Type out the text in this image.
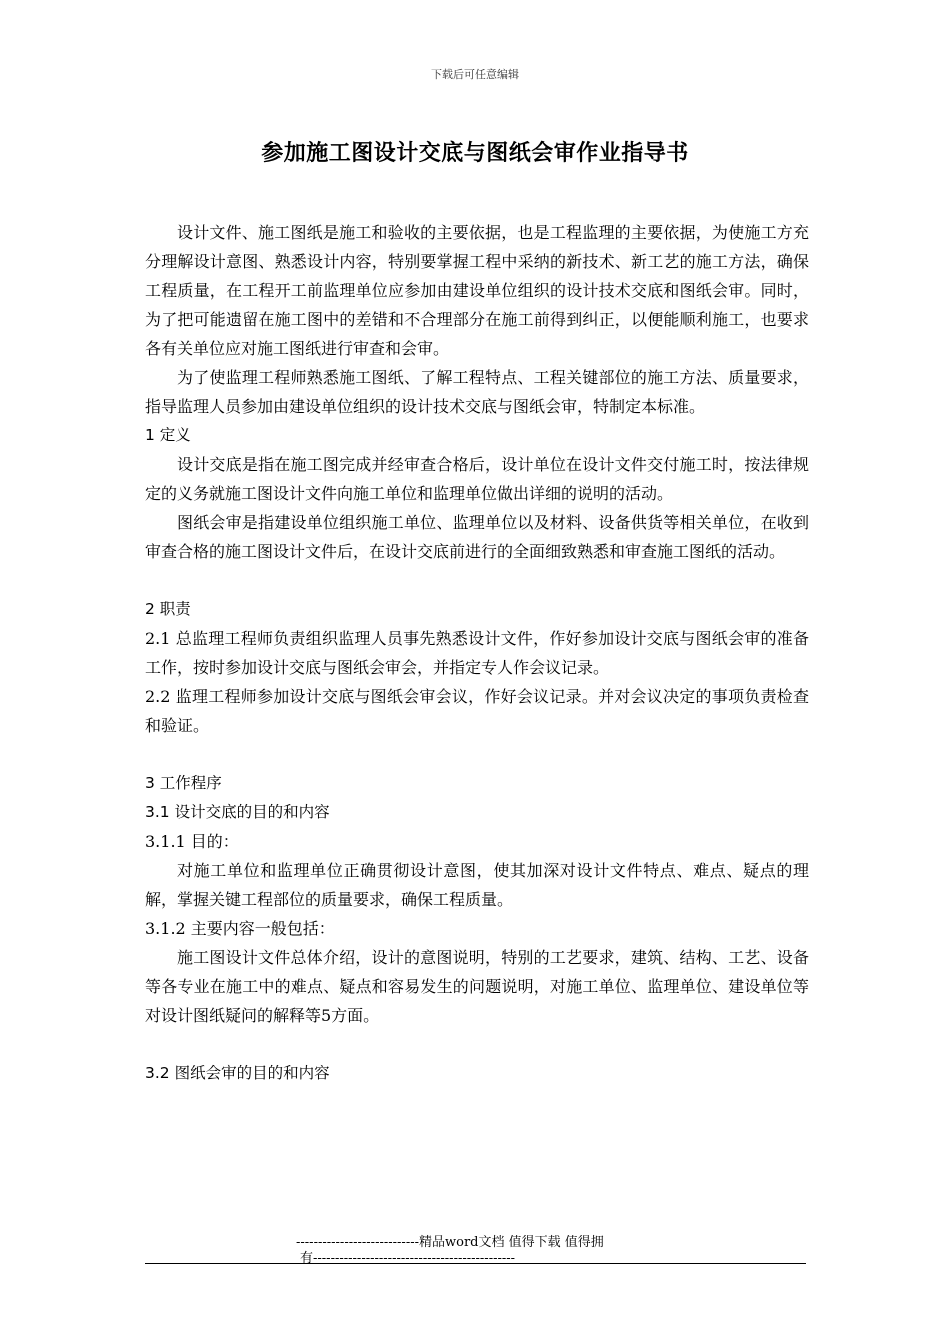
下载后可任意编辑
参加施工图设计交底与图纸会审作业指导书

设计文件、施工图纸是施工和验收的主要依据，也是工程监理的主要依据，为使施工方充分理解设计意图、熟悉设计内容，特别要掌握工程中采纳的新技术、新工艺的施工方法，确保工程质量，在工程开工前监理单位应参加由建设单位组织的设计技术交底和图纸会审。同时，为了把可能遗留在施工图中的差错和不合理部分在施工前得到纠正，以便能顺利施工，也要求各有关单位应对施工图纸进行审查和会审。

为了使监理工程师熟悉施工图纸、了解工程特点、工程关键部位的施工方法、质量要求，指导监理人员参加由建设单位组织的设计技术交底与图纸会审，特制定本标准。

1 定义

设计交底是指在施工图完成并经审查合格后，设计单位在设计文件交付施工时，按法律规定的义务就施工图设计文件向施工单位和监理单位做出详细的说明的活动。

图纸会审是指建设单位组织施工单位、监理单位以及材料、设备供货等相关单位，在收到审查合格的施工图设计文件后，在设计交底前进行的全面细致熟悉和审查施工图纸的活动。

2 职责

2.1 总监理工程师负责组织监理人员事先熟悉设计文件，作好参加设计交底与图纸会审的准备工作，按时参加设计交底与图纸会审会，并指定专人作会议记录。

2.2 监理工程师参加设计交底与图纸会审会议，作好会议记录。并对会议决定的事项负责检查和验证。

3 工作程序

3.1 设计交底的目的和内容

3.1.1 目的：

对施工单位和监理单位正确贯彻设计意图，使其加深对设计文件特点、难点、疑点的理解，掌握关键工程部位的质量要求，确保工程质量。

3.1.2 主要内容一般包括：

施工图设计文件总体介绍，设计的意图说明，特别的工艺要求，建筑、结构、工艺、设备等各专业在施工中的难点、疑点和容易发生的问题说明，对施工单位、监理单位、建设单位等对设计图纸疑问的解释等5方面。

3.2 图纸会审的目的和内容

----------------------------精品word文档 值得下载 值得拥
有----------------------------------------------
